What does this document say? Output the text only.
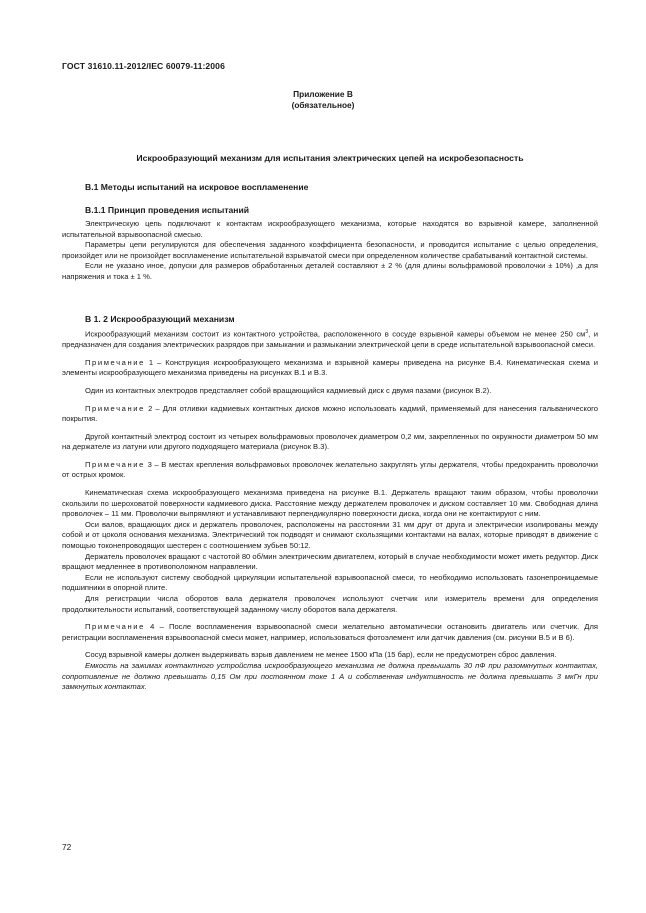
ГОСТ 31610.11-2012/IEC 60079-11:2006
Приложение В
(обязательное)
Искрообразующий механизм для испытания электрических цепей на искробезопасность
В.1 Методы испытаний на искровое воспламенение
В.1.1 Принцип проведения испытаний

Электрическую цепь подключают к контактам искрообразующего механизма, которые находятся во взрывной камере, заполненной испытательной взрывоопасной смесью.

Параметры цепи регулируются для обеспечения заданного коэффициента безопасности, и проводится испытание с целью определения, произойдет или не произойдет воспламенение испытательной взрывчатой смеси при определенном количестве срабатываний контактной системы.

Если не указано иное, допуски для размеров обработанных деталей составляют ± 2 % (для длины вольфрамовой проволочки ± 10%) ,а для напряжения и тока ± 1 %.

В 1. 2 Искрообразующий механизм

Искрообразующий механизм состоит из контактного устройства, расположенного в сосуде взрывной камеры объемом не менее 250 $см^3$, и предназначен для создания электрических разрядов при замыкании и размыкании электрической цепи в среде испытательной взрывоопасной смеси.

Примечание 1 – Конструкция искрообразующего механизма и взрывной камеры приведена на рисунке В.4. Кинематическая схема и элементы искрообразующего механизма приведены на рисунках В.1 и В.3.

Один из контактных электродов представляет собой вращающийся кадмиевый диск с двумя пазами (рисунок В.2).

Примечание 2 – Для отливки кадмиевых контактных дисков можно использовать кадмий, применяемый для нанесения гальванического покрытия.

Другой контактный электрод состоит из четырех вольфрамовых проволочек диаметром 0,2 мм, закрепленных по окружности диаметром 50 мм на держателе из латуни или другого подходящего материала (рисунок В.3).

Примечание 3 – В местах крепления вольфрамовых проволочек желательно закруглять углы держателя, чтобы предохранить проволочки от острых кромок.

Кинематическая схема искрообразующего механизма приведена на рисунке В.1. Держатель вращают таким образом, чтобы проволочки скользили по шероховатой поверхности кадмиевого диска. Расстояние между держателем проволочек и диском составляет 10 мм. Свободная длина проволочек – 11 мм. Проволочки выпрямляют и устанавливают перпендикулярно поверхности диска, когда они не контактируют с ним.

Оси валов, вращающих диск и держатель проволочек, расположены на расстоянии 31 мм друг от друга и электрически изолированы между собой и от цоколя основания механизма. Электрический ток подводят и снимают скользящими контактами на валах, которые приводят в движение с помощью токонепроводящих шестерен с соотношением зубьев 50:12.

Держатель проволочек вращают с частотой 80 об/мин электрическим двигателем, который в случае необходимости может иметь редуктор. Диск вращают медленнее в противоположном направлении.

Если не используют систему свободной циркуляции испытательной взрывоопасной смеси, то необходимо использовать газонепроницаемые подшипники в опорной плите.

Для регистрации числа оборотов вала держателя проволочек используют счетчик или измеритель времени для определения продолжительности испытаний, соответствующей заданному числу оборотов вала держателя.

Примечание 4 – После воспламенения взрывоопасной смеси желательно автоматически остановить двигатель или счетчик. Для регистрации воспламенения взрывоопасной смеси может, например, использоваться фотоэлемент или датчик давления (см. рисунки В.5 и В 6).

Сосуд взрывной камеры должен выдерживать взрыв давлением не менее 1500 кПа (15 бар), если не предусмотрен сброс давления.

Емкость на зажимах контактного устройства искрообразующего механизма не должна превышать 30 пФ при разомкнутых контактах, сопротивление не должно превышать 0,15 Ом при постоянном токе 1 А и собственная индуктивность не должна превышать 3 мкГн при замкнутых контактах.

72
